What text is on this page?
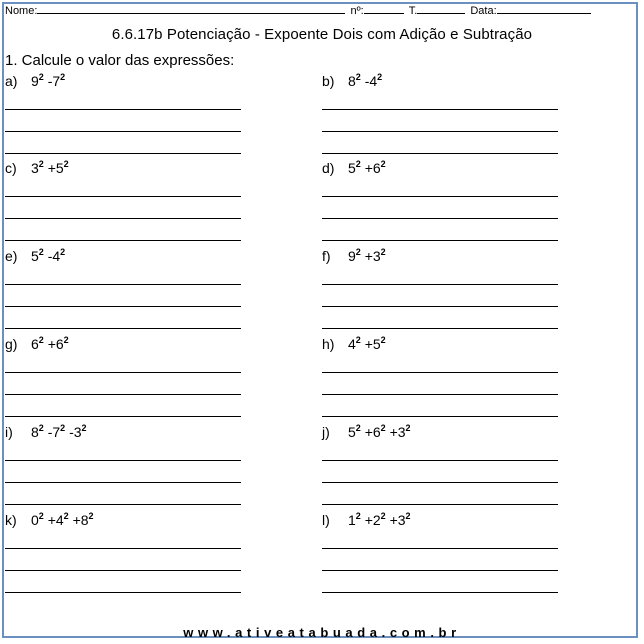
Nome:	nº:	T.	Data:
6.6.17b Potenciação - Expoente Dois com Adição e Subtração
1. Calcule o valor das expressões:
a) $9^2$ $-7^2$	b) $8^2$ $-4^2$
c) $3^2 +5^2$	d) $5^2 +6^2$
e) $5^2$ $-4^2$	f) $9^2 +3^2$
g) $6^2 +6^2$	h) $4^2 +5^2$
i) $8^2$ $-7^2$ $-3^2$	j) $5^2 +6^2 +3^2$
k) $0^2 +4^2 +8^2$	l) $1^2 +2^2 +3^2$
www.ativeatabuada.com.br
